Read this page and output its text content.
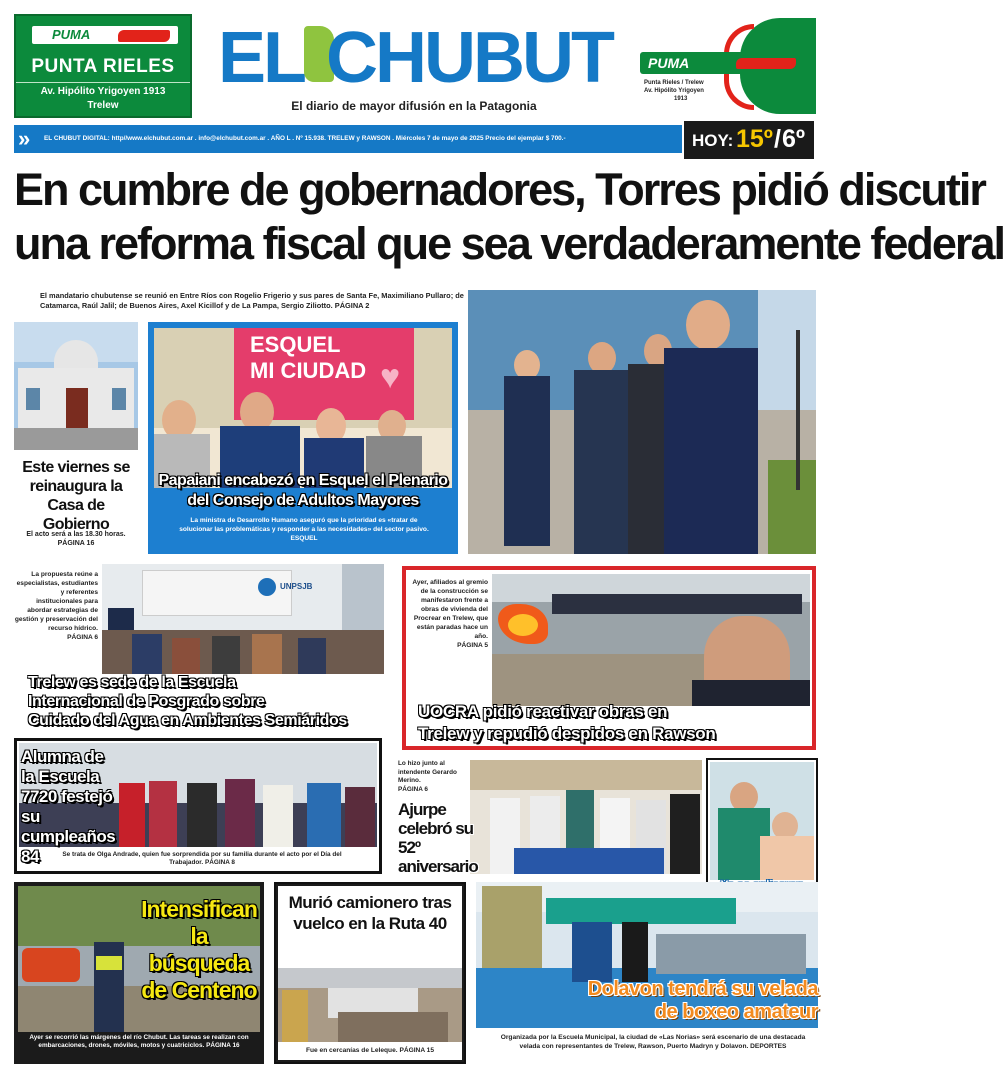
PUMA
PUNTA RIELES
Av. Hipólito Yrigoyen 1913
Trelew
EL CHUBUT
El diario de mayor difusión en la Patagonia
PUMA
Punta Rieles / Trelew
Av. Hipólito Yrigoyen
1913
» EL CHUBUT DIGITAL: http//www.elchubut.com.ar . info@elchubut.com.ar . AÑO L . Nº 15.938. TRELEW y RAWSON . Miércoles 7 de mayo de 2025 Precio del ejemplar $ 700.-	HOY: 15º / 6º
En cumbre de gobernadores, Torres pidió discutir
una reforma fiscal que sea verdaderamente federal
El mandatario chubutense se reunió en Entre Ríos con Rogelio Frigerio y sus pares de Santa Fe, Maximiliano Pullaro; de Catamarca, Raúl Jalil; de Buenos Aires, Axel Kicillof y de La Pampa, Sergio Ziliotto. PÁGINA 2
Este viernes se reinaugura la Casa de Gobierno
El acto será a las 18.30 horas. PÁGINA 16
ESQUEL
MI CIUDAD ♥
Papaiani encabezó en Esquel el Plenario
del Consejo de Adultos Mayores
La ministra de Desarrollo Humano aseguró que la prioridad es «tratar de solucionar las problemáticas y responder a las necesidades» del sector pasivo. ESQUEL
La propuesta reúne a especialistas, estudiantes y referentes institucionales para abordar estrategias de gestión y preservación del recurso hídrico.
PÁGINA 6
UNPSJB
Trelew es sede de la Escuela
Internacional de Posgrado sobre
Cuidado del Agua en Ambientes Semiáridos
Ayer, afiliados al gremio de la construcción se manifestaron frente a obras de vivienda del Procrear en Trelew, que están paradas hace un año.
PÁGINA 5
UOCRA pidió reactivar obras en
Trelew y repudió despidos en Rawson
Alumna de la Escuela 7720 festejó su cumpleaños 84	Se trata de Olga Andrade, quien fue sorprendida por su familia durante el acto por el Día del Trabajador. PÁGINA 8
Lo hizo junto al intendente Gerardo Merino.
PÁGINA 6
Ajurpe celebró su 52º aniversario
Intensifican la búsqueda de Centeno
Ayer se recorrió las márgenes del río Chubut. Las tareas se realizan con embarcaciones, drones, móviles, motos y cuatriciclos. PÁGINA 16
Murió camionero tras vuelco en la Ruta 40
Fue en cercanías de Leleque. PÁGINA 15
Dolavon tendrá su velada
de boxeo amateur
Organizada por la Escuela Municipal, la ciudad de «Las Norias» será escenario de una destacada velada con representantes de Trelew, Rawson, Puerto Madryn y Dolavon. DEPORTES
